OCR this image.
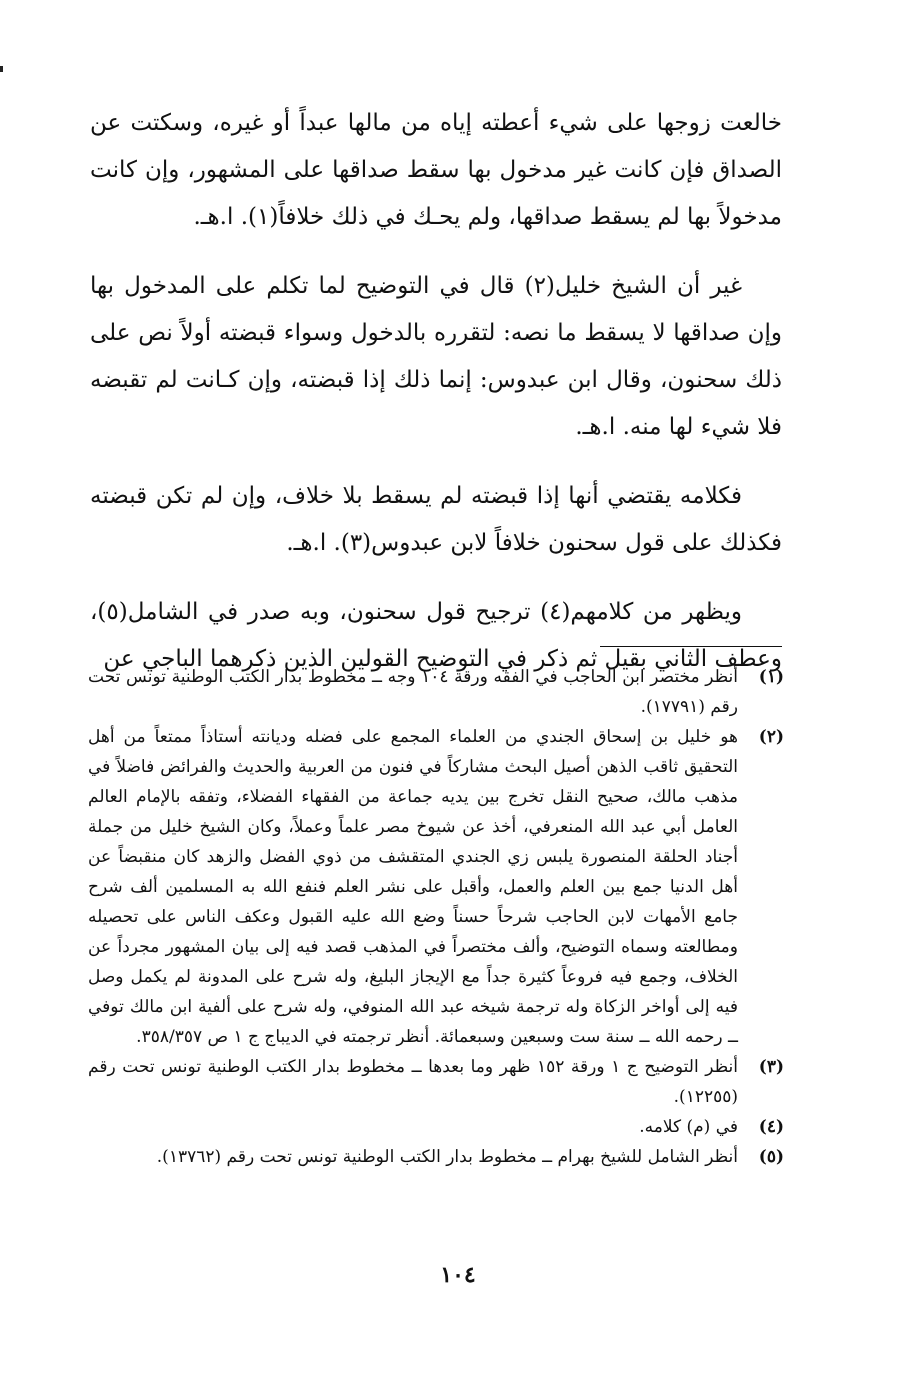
خالعت زوجها على شيء أعطته إياه من مالها عبداً أو غيره، وسكتت عن الصداق فإن كانت غير مدخول بها سقط صداقها على المشهور، وإن كانت مدخولاً بها لم يسقط صداقها، ولم يحـك في ذلك خلافاً(١). ا.هـ.

غير أن الشيخ خليل(٢) قال في التوضيح لما تكلم على المدخول بها وإن صداقها لا يسقط ما نصه: لتقرره بالدخول وسواء قبضته أولاً نص على ذلك سحنون، وقال ابن عبدوس: إنما ذلك إذا قبضته، وإن كـانت لم تقبضه فلا شيء لها منه. ا.هـ.

فكلامه يقتضي أنها إذا قبضته لم يسقط بلا خلاف، وإن لم تكن قبضته فكذلك على قول سحنون خلافاً لابن عبدوس(٣). ا.هـ.

ويظهر من كلامهم(٤) ترجيح قول سحنون، وبه صدر في الشامل(٥)، وعطف الثاني بقيل ثم ذكر في التوضيح القولين الذين ذكرهما الباجي عن

(١)
أنظر مختصر ابن الحاجب في الفقه ورقة ١٠٤ وجه ــ مخطوط بدار الكتب الوطنية تونس تحت رقم (١٧٧٩١).
(٢)
هو خليل بن إسحاق الجندي من العلماء المجمع على فضله وديانته أستاذاً ممتعاً من أهل التحقيق ثاقب الذهن أصيل البحث مشاركاً في فنون من العربية والحديث والفرائض فاضلاً في مذهب مالك، صحيح النقل تخرج بين يديه جماعة من الفقهاء الفضلاء، وتفقه بالإمام العالم العامل أبي عبد الله المنعرفي، أخذ عن شيوخ مصر علماً وعملاً، وكان الشيخ خليل من جملة أجناد الحلقة المنصورة يلبس زي الجندي المتقشف من ذوي الفضل والزهد كان منقبضاً عن أهل الدنيا جمع بين العلم والعمل، وأقبل على نشر العلم فنفع الله به المسلمين ألف شرح جامع الأمهات لابن الحاجب شرحاً حسناً وضع الله عليه القبول وعكف الناس على تحصيله ومطالعته وسماه التوضيح، وألف مختصراً في المذهب قصد فيه إلى بيان المشهور مجرداً عن الخلاف، وجمع فيه فروعاً كثيرة جداً مع الإيجاز البليغ، وله شرح على المدونة لم يكمل وصل فيه إلى أواخر الزكاة وله ترجمة شيخه عبد الله المنوفي، وله شرح على ألفية ابن مالك توفي ــ رحمه الله ــ سنة ست وسبعين وسبعمائة. أنظر ترجمته في الديباج ج ١ ص ٣٥٨/٣٥٧.
(٣)
أنظر التوضيح ج ١ ورقة ١٥٢ ظهر وما بعدها ــ مخطوط بدار الكتب الوطنية تونس تحت رقم (١٢٢٥٥).
(٤)
في (م) كلامه.
(٥)
أنظر الشامل للشيخ بهرام ــ مخطوط بدار الكتب الوطنية تونس تحت رقم (١٣٧٦٢).
١٠٤
